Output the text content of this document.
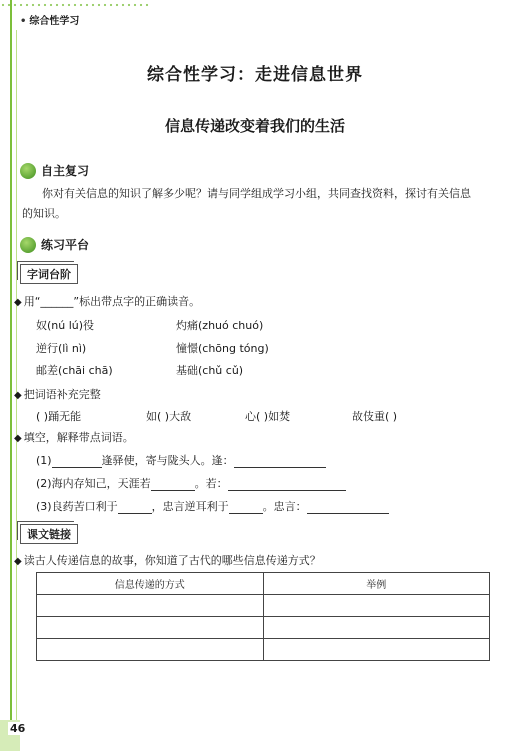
• 综合性学习
综合性学习：走进信息世界
信息传递改变着我们的生活
自主复习
你对有关信息的知识了解多少呢？请与同学组成学习小组，共同查找资料，探讨有关信息
的知识。
练习平台
字词台阶
◆ 用“______”标出带点字的正确读音。
奴(nú lú)役	灼痛(zhuó chuó)
逆行(lì nì)	憧憬(chōng tóng)
邮差(chāi chā)	基础(chǔ cǔ)
◆ 把词语补充完整
( )踊无能	如( )大敌	心( )如焚	故伎重( )
◆ 填空，解释带点词语。
(1)	逢驿使，寄与陇头人。逢：
(2)海内存知己，天涯若	。若：
(3)良药苦口利于	，忠言逆耳利于	。忠言：
课文链接
◆ 读古人传递信息的故事，你知道了古代的哪些信息传递方式？
信息传递的方式	举例

46
